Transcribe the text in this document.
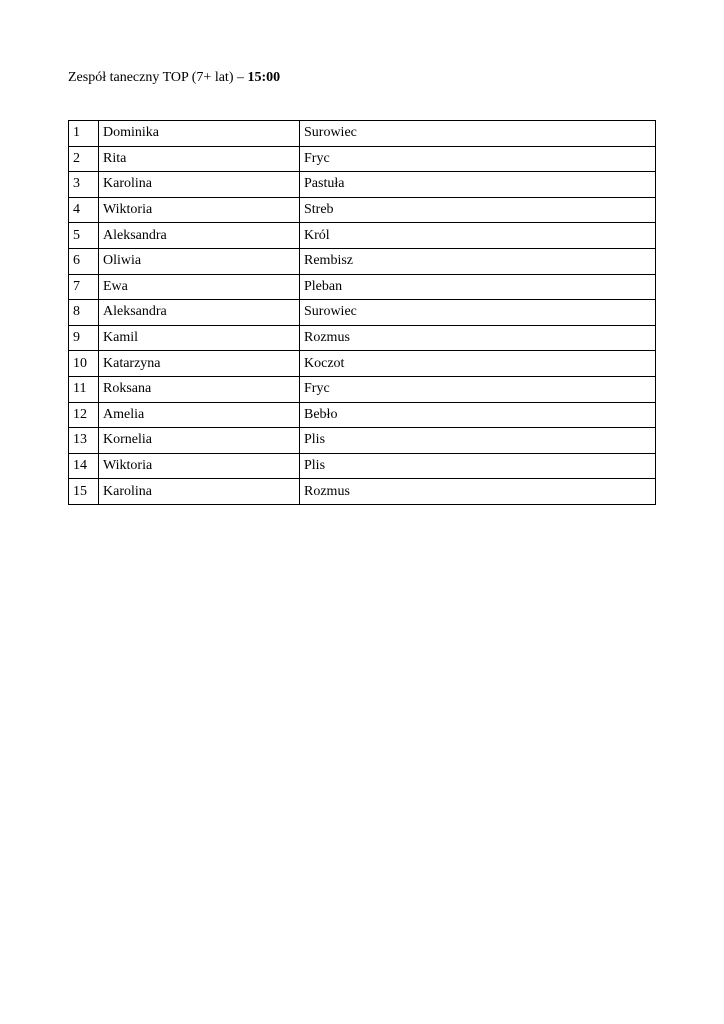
Zespół taneczny TOP (7+ lat) – 15:00
1	Dominika	Surowiec
2	Rita	Fryc
3	Karolina	Pastuła
4	Wiktoria	Streb
5	Aleksandra	Król
6	Oliwia	Rembisz
7	Ewa	Pleban
8	Aleksandra	Surowiec
9	Kamil	Rozmus
10	Katarzyna	Koczot
11	Roksana	Fryc
12	Amelia	Bebło
13	Kornelia	Plis
14	Wiktoria	Plis
15	Karolina	Rozmus
